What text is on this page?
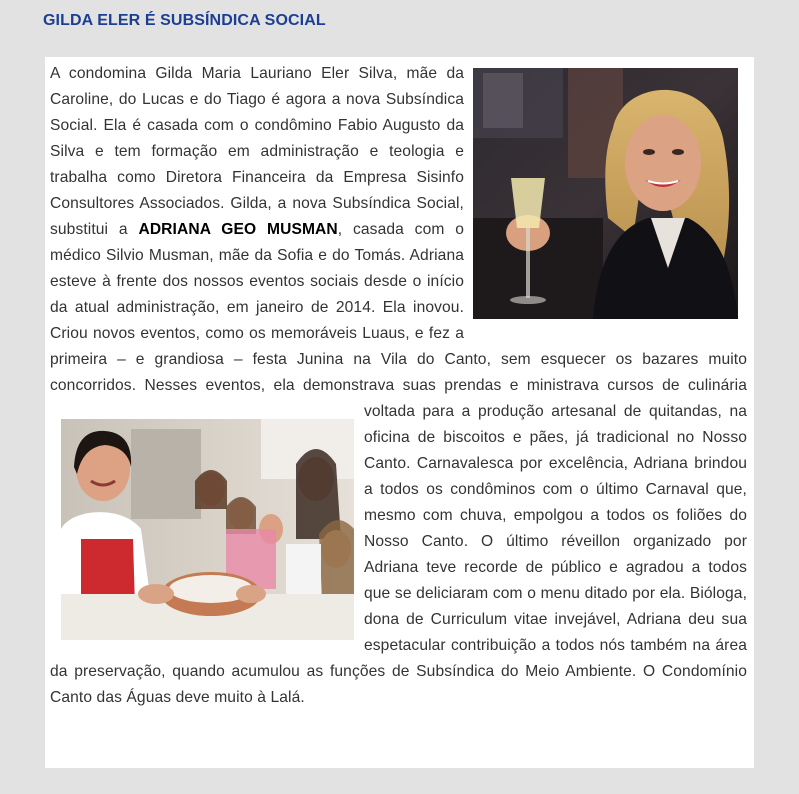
GILDA ELER É SUBSÍNDICA SOCIAL

A condomina Gilda Maria Lauriano Eler Silva, mãe da Caroline, do Lucas e do Tiago é agora a nova Subsíndica Social. Ela é casada com o condômino Fabio Augusto da Silva e tem formação em administração e teologia e trabalha como Diretora Financeira da Empresa Sisinfo Consultores Associados. Gilda, a nova Subsíndica Social, substitui a ADRIANA GEO MUSMAN, casada com o médico Silvio Musman, mãe da Sofia e do Tomás. Adriana esteve à frente dos nossos eventos sociais desde o início da atual administração, em janeiro de 2014. Ela inovou. Criou novos eventos, como os memoráveis Luaus, e fez a primeira – e grandiosa – festa Junina na Vila do Canto, sem esquecer os bazares muito concorridos. Nesses eventos, ela demonstrava suas prendas e ministrava cursos de culinária voltada para a
produção artesanal de quitandas, na oficina de biscoitos e pães, já tradicional no Nosso Canto. Carnavalesca por excelência, Adriana brindou a todos os condôminos com o último Carnaval que, mesmo com chuva, empolgou a todos os foliões do Nosso Canto. O último réveillon organizado por Adriana teve recorde de público e agradou a todos que se deliciaram com o menu ditado por ela. Bióloga, dona de Curriculum vitae invejável, Adriana deu sua espetacular contribuição a todos nós também na área da preservação, quando acumulou as funções de Subsíndica do Meio Ambiente. O Condomínio Canto das Águas deve muito à Lalá.
